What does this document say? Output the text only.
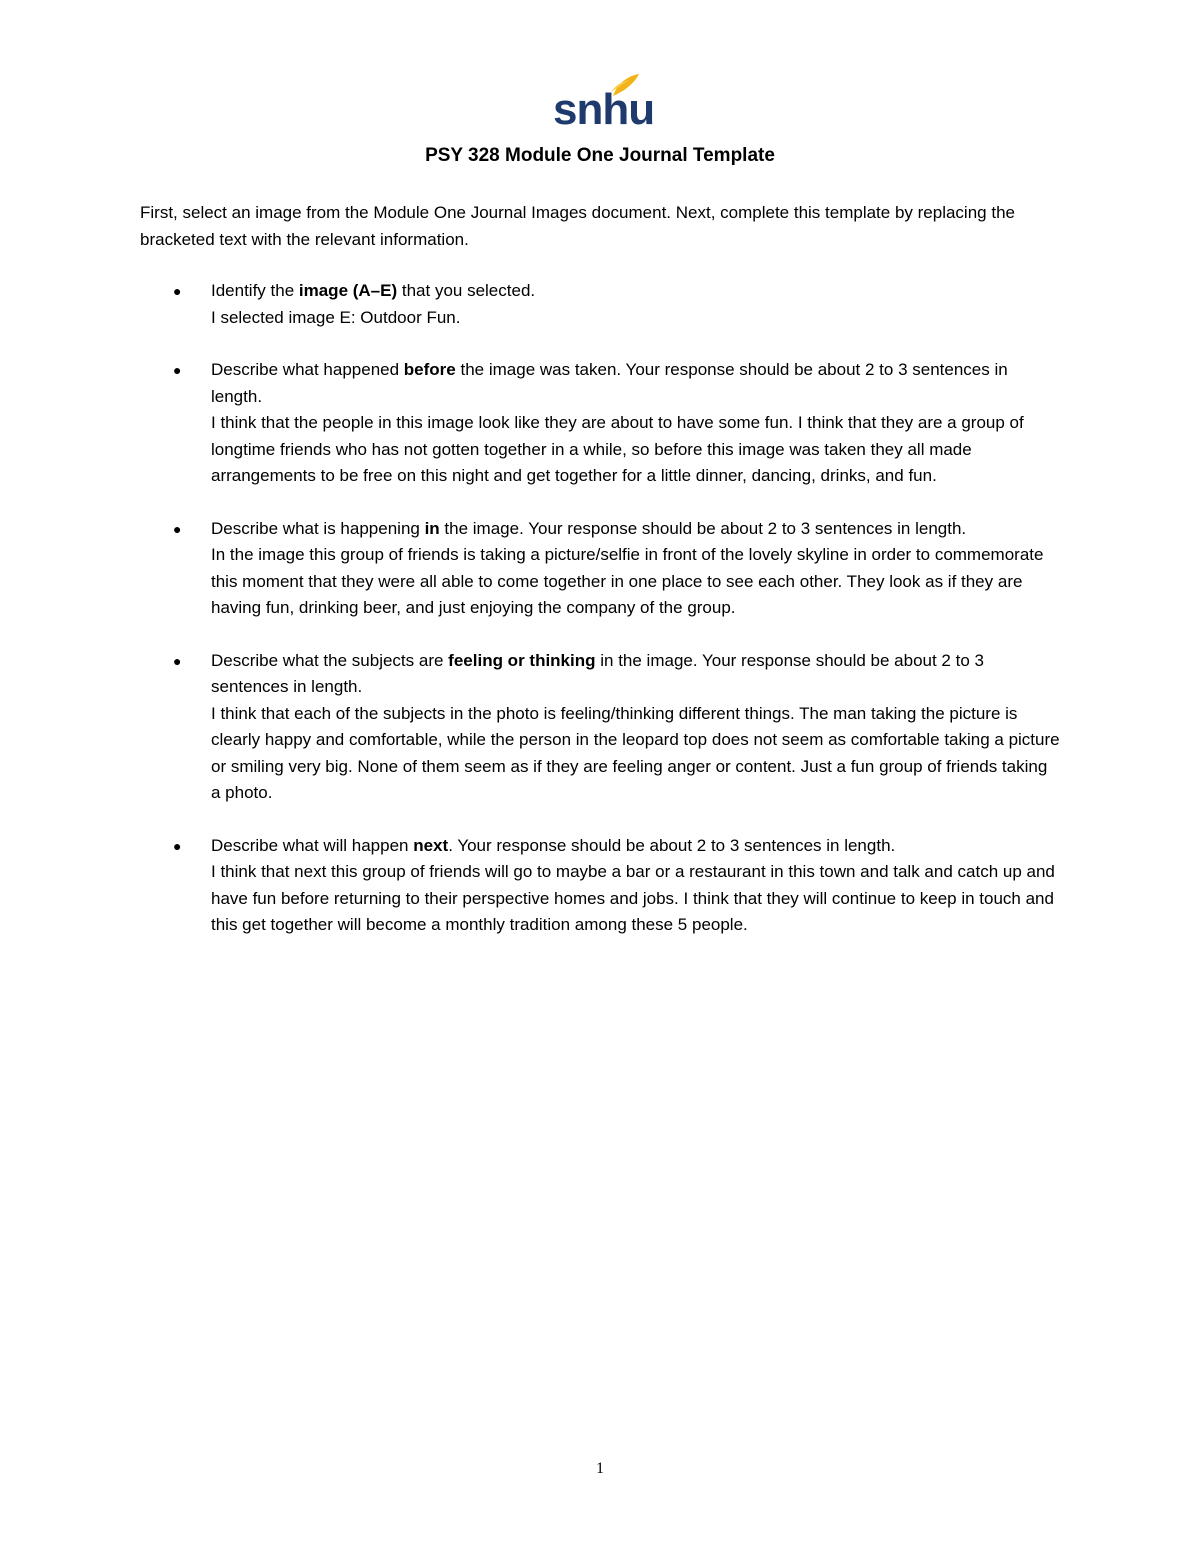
snhu
PSY 328 Module One Journal Template
First, select an image from the Module One Journal Images document. Next, complete this template by replacing the bracketed text with the relevant information.
● Identify the image (A–E) that you selected.
I selected image E: Outdoor Fun.
● Describe what happened before the image was taken. Your response should be about 2 to 3 sentences in length.
I think that the people in this image look like they are about to have some fun. I think that they are a group of longtime friends who has not gotten together in a while, so before this image was taken they all made arrangements to be free on this night and get together for a little dinner, dancing, drinks, and fun.
● Describe what is happening in the image. Your response should be about 2 to 3 sentences in length.
In the image this group of friends is taking a picture/selfie in front of the lovely skyline in order to commemorate this moment that they were all able to come together in one place to see each other. They look as if they are having fun, drinking beer, and just enjoying the company of the group.
● Describe what the subjects are feeling or thinking in the image. Your response should be about 2 to 3 sentences in length.
I think that each of the subjects in the photo is feeling/thinking different things. The man taking the picture is clearly happy and comfortable, while the person in the leopard top does not seem as comfortable taking a picture or smiling very big. None of them seem as if they are feeling anger or content. Just a fun group of friends taking a photo.
● Describe what will happen next. Your response should be about 2 to 3 sentences in length.
I think that next this group of friends will go to maybe a bar or a restaurant in this town and talk and catch up and have fun before returning to their perspective homes and jobs. I think that they will continue to keep in touch and this get together will become a monthly tradition among these 5 people.
1
